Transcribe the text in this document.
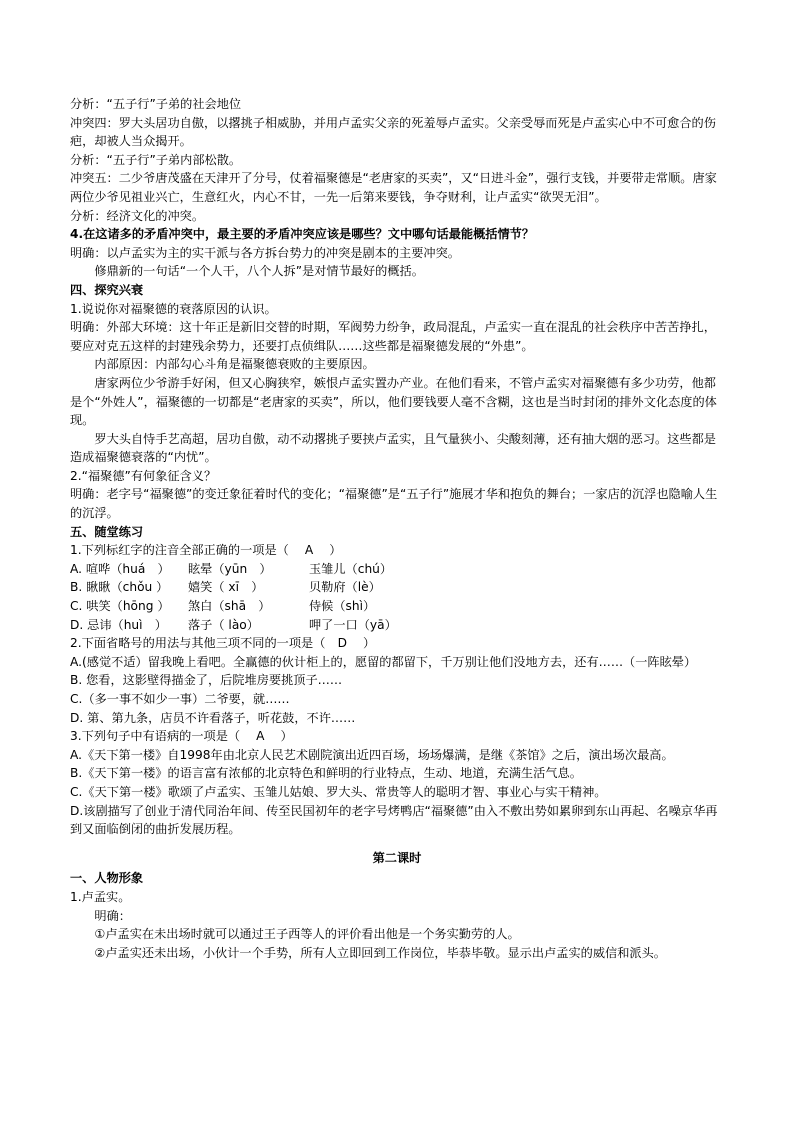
分析：“五子行”子弟的社会地位

冲突四：罗大头居功自傲，以撂挑子相威胁，并用卢孟实父亲的死羞辱卢孟实。父亲受辱而死是卢孟实心中不可愈合的伤疤，却被人当众揭开。

分析：“五子行”子弟内部松散。

冲突五：二少爷唐茂盛在天津开了分号，仗着福聚德是“老唐家的买卖”，又“日进斗金”，强行支钱，并要带走常顺。唐家两位少爷见祖业兴亡，生意红火，内心不甘，一先一后第来要钱，争夺财利，让卢孟实“欲哭无泪”。

分析：经济文化的冲突。

4.在这诸多的矛盾冲突中，最主要的矛盾冲突应该是哪些？文中哪句话最能概括情节？

明确：以卢孟实为主的实干派与各方拆台势力的冲突是剧本的主要冲突。

修鼎新的一句话“一个人干，八个人拆”是对情节最好的概括。

四、探究兴衰

1.说说你对福聚德的衰落原因的认识。

明确：外部大环境：这十年正是新旧交替的时期，军阀势力纷争，政局混乱，卢孟实一直在混乱的社会秩序中苦苦挣扎，要应对克五这样的封建残余势力，还要打点侦缉队……这些都是福聚德发展的“外患”。

内部原因：内部勾心斗角是福聚德衰败的主要原因。

唐家两位少爷游手好闲，但又心胸狭窄，嫉恨卢孟实置办产业。在他们看来，不管卢孟实对福聚德有多少功劳，他都是个“外姓人”，福聚德的一切都是“老唐家的买卖”，所以，他们要钱要人毫不含糊，这也是当时封闭的排外文化态度的体现。

罗大头自恃手艺高超，居功自傲，动不动撂挑子要挟卢孟实，且气量狭小、尖酸刻薄，还有抽大烟的恶习。这些都是造成福聚德衰落的“内忧”。

2.“福聚德”有何象征含义？

明确：老字号“福聚德”的变迁象征着时代的变化；“福聚德”是“五子行”施展才华和抱负的舞台；一家店的沉浮也隐喻人生的沉浮。

五、随堂练习

1.下列标红字的注音全部正确的一项是（　 A 　）

A. 喧哗（huá　）	眩晕（yūn　）	玉雏儿（chú）
B. 瞅瞅（chǒu ）	嬉笑（ xī　）	贝勒府（lè）
C. 哄笑（hōng ）	煞白（shā　）	侍候（shì）
D. 忌讳（huì　）	落子（ lào）	呷了一口（yā）

2.下面省略号的用法与其他三项不同的一项是（　D　 ）

A.(感觉不适）留我晚上看吧。全赢德的伙计柜上的，愿留的都留下，千万别让他们没地方去，还有……（一阵眩晕）

B. 您看，这影壁得描金了，后院堆房要挑顶子……

C.（多一事不如少一事）二爷要，就……

D. 第、第九条，店员不许看落子，听花鼓，不许……

3.下列句子中有语病的一项是（　 A 　）

A.《天下第一楼》自1998年由北京人民艺术剧院演出近四百场，场场爆满，是继《茶馆》之后，演出场次最高。

B.《天下第一楼》的语言富有浓郁的北京特色和鲜明的行业特点，生动、地道，充满生活气息。

C.《天下第一楼》歌颂了卢孟实、玉雏儿姑娘、罗大头、常贵等人的聪明才智、事业心与实干精神。

D.该剧描写了创业于清代同治年间、传至民国初年的老字号烤鸭店“福聚德”由入不敷出势如累卵到东山再起、名噪京华再到又面临倒闭的曲折发展历程。

第二课时

一、人物形象

1.卢孟实。

明确：

①卢孟实在未出场时就可以通过王子西等人的评价看出他是一个务实勤劳的人。

②卢孟实还未出场，小伙计一个手势，所有人立即回到工作岗位，毕恭毕敬。显示出卢孟实的威信和派头。
